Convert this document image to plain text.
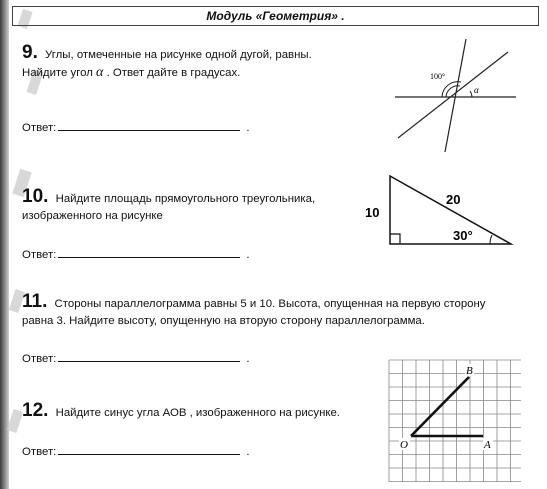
Модуль «Геометрия» .
9. Углы, отмеченные на рисунке одной дугой, равны.
Найдите угол α . Ответ дайте в градусах.
Ответ:	.
100°
α
10. Найдите площадь прямоугольного треугольника,
изображенного на рисунке
Ответ:	.
10
20
30°
11. Стороны параллелограмма равны 5 и 10. Высота, опущенная на первую сторону
равна 3. Найдите высоту, опущенную на вторую сторону параллелограмма.
Ответ:	.
12. Найдите синус угла АОВ , изображенного на рисунке.
Ответ:	.
O	A
B
